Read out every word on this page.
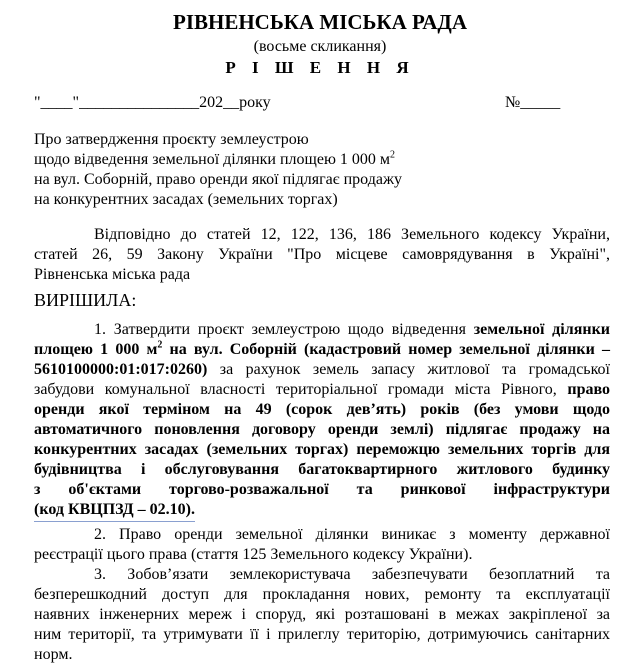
РІВНЕНСЬКА МІСЬКА РАДА
(восьме скликання)
Р І Ш Е Н Н Я
"____"_______________202__року	№_____
Про затвердження проєкту землеустрою
щодо відведення земельної ділянки площею 1 000 $м^2$
на вул. Соборній, право оренди якої підлягає продажу
на конкурентних засадах (земельних торгах)
Відповідно до статей 12, 122, 136, 186 Земельного кодексу України,
статей 26, 59 Закону України "Про місцеве самоврядування в Україні",
Рівненська міська рада
ВИРІШИЛА:
1. Затвердити проєкт землеустрою щодо відведення земельної ділянки
площею 1 000 $м^2$ на вул. Соборній (кадастровий номер земельної ділянки –
5610100000:01:017:0260) за рахунок земель запасу житлової та громадської
забудови комунальної власності територіальної громади міста Рівного, право
оренди якої терміном на 49 (сорок дев’ять) років (без умови щодо
автоматичного поновлення договору оренди землі) підлягає продажу на
конкурентних засадах (земельних торгах) переможцю земельних торгів для
будівництва і обслуговування багатоквартирного житлового будинку
з об'єктами торгово-розважальної та ринкової інфраструктури
(код КВЦПЗД – 02.10).
2. Право оренди земельної ділянки виникає з моменту державної
реєстрації цього права (стаття 125 Земельного кодексу України).
3. Зобов’язати землекористувача забезпечувати безоплатний та
безперешкодний доступ для прокладання нових, ремонту та експлуатації
наявних інженерних мереж і споруд, які розташовані в межах закріпленої за
ним території, та утримувати її і прилеглу територію, дотримуючись санітарних
норм.
